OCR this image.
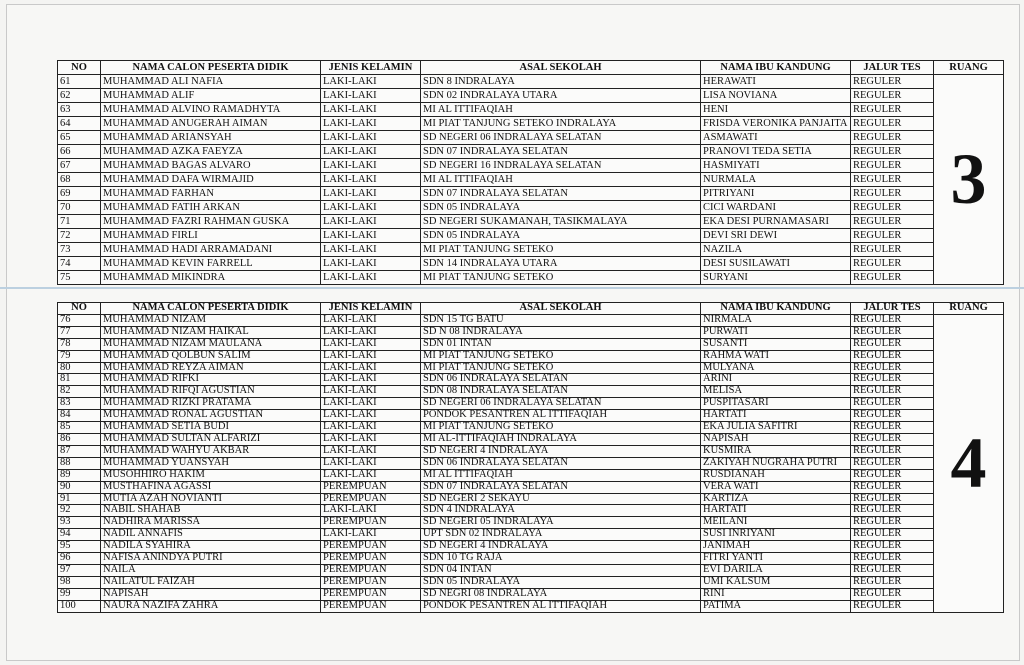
NO	NAMA CALON PESERTA DIDIK	JENIS KELAMIN	ASAL SEKOLAH	NAMA IBU KANDUNG	JALUR TES	RUANG
61	MUHAMMAD ALI NAFIA	LAKI-LAKI	SDN 8 INDRALAYA	HERAWATI	REGULER	3
62	MUHAMMAD ALIF	LAKI-LAKI	SDN 02 INDRALAYA UTARA	LISA NOVIANA	REGULER	
63	MUHAMMAD ALVINO RAMADHYTA	LAKI-LAKI	MI AL ITTIFAQIAH	HENI	REGULER	
64	MUHAMMAD ANUGERAH AIMAN	LAKI-LAKI	MI PIAT TANJUNG SETEKO INDRALAYA	FRISDA VERONIKA PANJAITA	REGULER	
65	MUHAMMAD ARIANSYAH	LAKI-LAKI	SD NEGERI 06 INDRALAYA SELATAN	ASMAWATI	REGULER	
66	MUHAMMAD AZKA FAEYZA	LAKI-LAKI	SDN 07 INDRALAYA SELATAN	PRANOVI TEDA SETIA	REGULER	
67	MUHAMMAD BAGAS ALVARO	LAKI-LAKI	SD NEGERI 16 INDRALAYA SELATAN	HASMIYATI	REGULER	
68	MUHAMMAD DAFA WIRMAJID	LAKI-LAKI	MI AL ITTIFAQIAH	NURMALA	REGULER	
69	MUHAMMAD FARHAN	LAKI-LAKI	SDN 07 INDRALAYA SELATAN	PITRIYANI	REGULER	
70	MUHAMMAD FATIH ARKAN	LAKI-LAKI	SDN 05 INDRALAYA	CICI WARDANI	REGULER	
71	MUHAMMAD FAZRI RAHMAN GUSKA	LAKI-LAKI	SD NEGERI SUKAMANAH, TASIKMALAYA	EKA DESI PURNAMASARI	REGULER	
72	MUHAMMAD FIRLI	LAKI-LAKI	SDN 05 INDRALAYA	DEVI SRI DEWI	REGULER	
73	MUHAMMAD HADI ARRAMADANI	LAKI-LAKI	MI PIAT TANJUNG SETEKO	NAZILA	REGULER	
74	MUHAMMAD KEVIN FARRELL	LAKI-LAKI	SDN 14 INDRALAYA UTARA	DESI SUSILAWATI	REGULER	
75	MUHAMMAD MIKINDRA	LAKI-LAKI	MI PIAT TANJUNG SETEKO	SURYANI	REGULER	
NO	NAMA CALON PESERTA DIDIK	JENIS KELAMIN	ASAL SEKOLAH	NAMA IBU KANDUNG	JALUR TES	RUANG
76	MUHAMMAD NIZAM	LAKI-LAKI	SDN 15 TG BATU	NIRMALA	REGULER	4
77	MUHAMMAD NIZAM HAIKAL	LAKI-LAKI	SD N 08 INDRALAYA	PURWATI	REGULER	
78	MUHAMMAD NIZAM MAULANA	LAKI-LAKI	SDN 01 INTAN	SUSANTI	REGULER	
79	MUHAMMAD QOLBUN SALIM	LAKI-LAKI	MI PIAT TANJUNG SETEKO	RAHMA WATI	REGULER	
80	MUHAMMAD REYZA AIMAN	LAKI-LAKI	MI PIAT TANJUNG SETEKO	MULYANA	REGULER	
81	MUHAMMAD RIFKI	LAKI-LAKI	SDN 06 INDRALAYA SELATAN	ARINI	REGULER	
82	MUHAMMAD RIFQI AGUSTIAN	LAKI-LAKI	SDN 08 INDRALAYA SELATAN	MELISA	REGULER	
83	MUHAMMAD RIZKI PRATAMA	LAKI-LAKI	SD NEGERI 06 INDRALAYA SELATAN	PUSPITASARI	REGULER	
84	MUHAMMAD RONAL AGUSTIAN	LAKI-LAKI	PONDOK PESANTREN AL ITTIFAQIAH	HARTATI	REGULER	
85	MUHAMMAD SETIA BUDI	LAKI-LAKI	MI PIAT TANJUNG SETEKO	EKA JULIA SAFITRI	REGULER	
86	MUHAMMAD SULTAN ALFARIZI	LAKI-LAKI	MI AL-ITTIFAQIAH INDRALAYA	NAPISAH	REGULER	
87	MUHAMMAD WAHYU AKBAR	LAKI-LAKI	SD NEGERI 4 INDRALAYA	KUSMIRA	REGULER	
88	MUHAMMAD YUANSYAH	LAKI-LAKI	SDN 06 INDRALAYA SELATAN	ZAKIYAH NUGRAHA PUTRI	REGULER	
89	MUSOHHIRO HAKIM	LAKI-LAKI	MI AL ITTIFAQIAH	RUSDIANAH	REGULER	
90	MUSTHAFINA AGASSI	PEREMPUAN	SDN 07 INDRALAYA SELATAN	VERA WATI	REGULER	
91	MUTIA AZAH NOVIANTI	PEREMPUAN	SD NEGERI 2 SEKAYU	KARTIZA	REGULER	
92	NABIL SHAHAB	LAKI-LAKI	SDN 4 INDRALAYA	HARTATI	REGULER	
93	NADHIRA MARISSA	PEREMPUAN	SD NEGERI 05 INDRALAYA	MEILANI	REGULER	
94	NADIL ANNAFIS	LAKI-LAKI	UPT SDN 02 INDRALAYA	SUSI INRIYANI	REGULER	
95	NADILA SYAHIRA	PEREMPUAN	SD NEGERI 4 INDRALAYA	JANIMAH	REGULER	
96	NAFISA ANINDYA PUTRI	PEREMPUAN	SDN 10 TG RAJA	FITRI YANTI	REGULER	
97	NAILA	PEREMPUAN	SDN 04 INTAN	EVI DARILA	REGULER	
98	NAILATUL FAIZAH	PEREMPUAN	SDN 05 INDRALAYA	UMI KALSUM	REGULER	
99	NAPISAH	PEREMPUAN	SD NEGRI 08 INDRALAYA	RINI	REGULER	
100	NAURA NAZIFA ZAHRA	PEREMPUAN	PONDOK PESANTREN AL ITTIFAQIAH	PATIMA	REGULER	
